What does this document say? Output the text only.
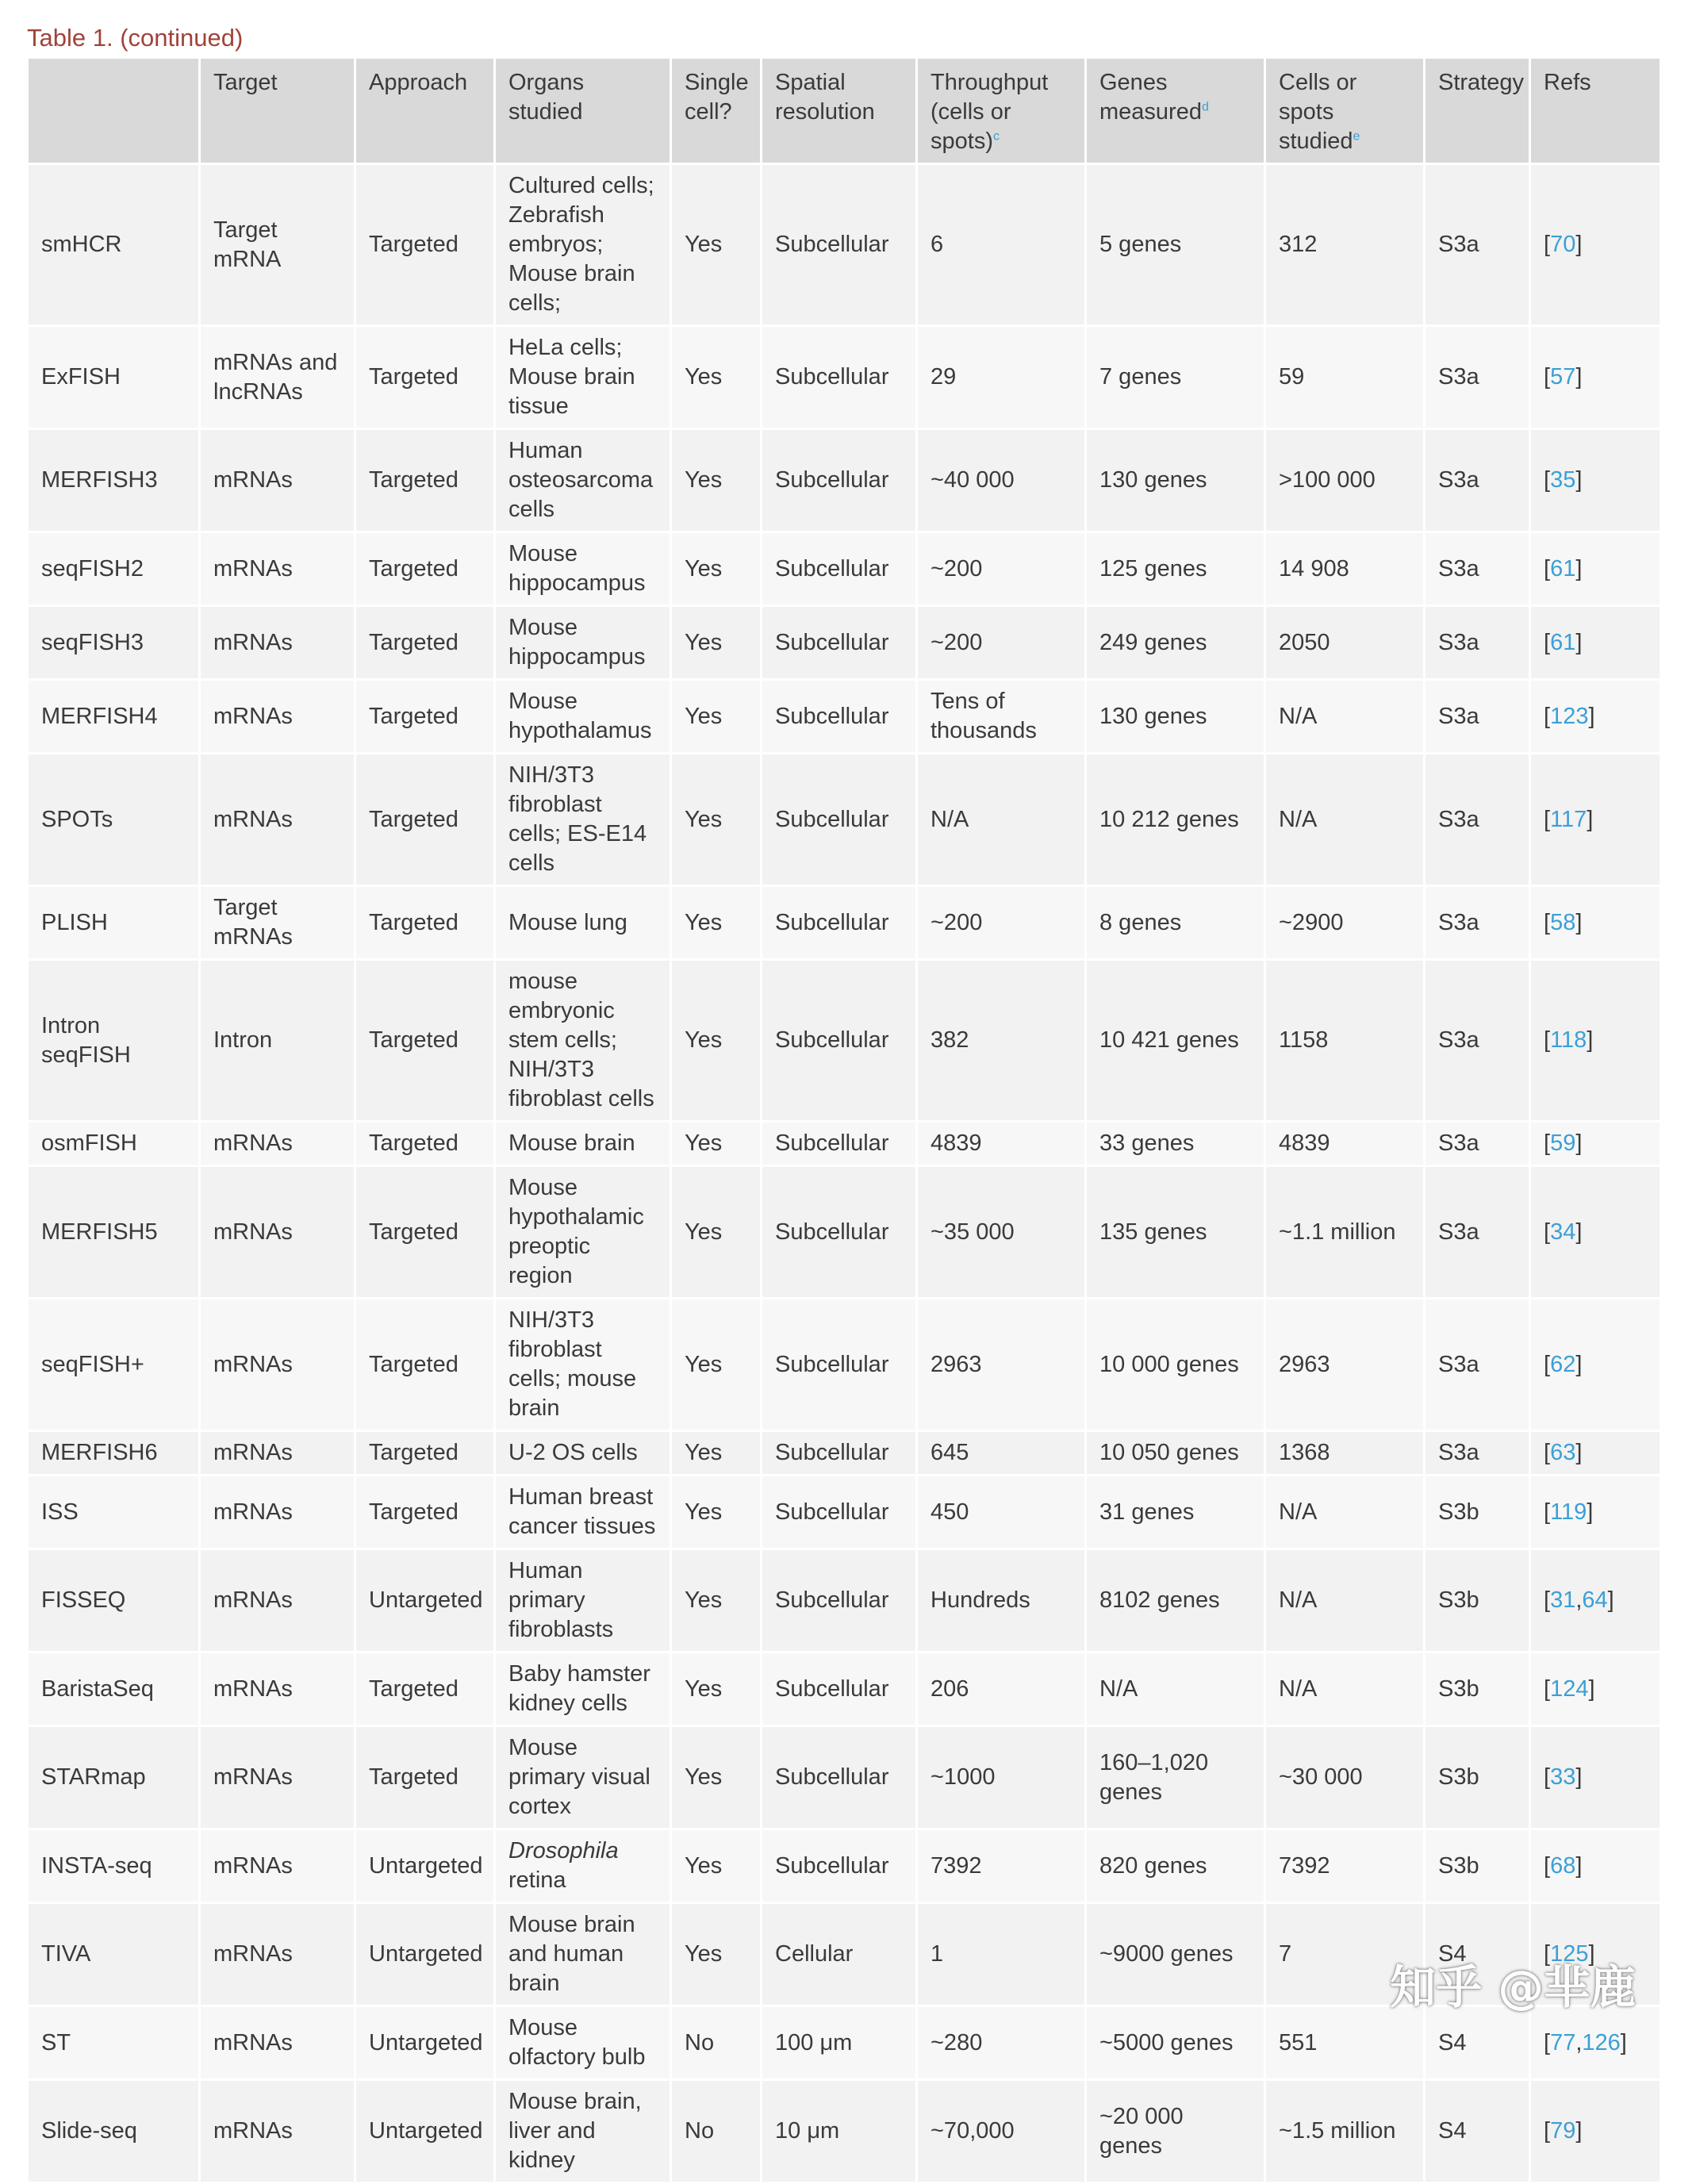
Table 1. (continued)
	Target	Approach	Organs studied	Single cell?	Spatial resolution	Throughput (cells or spots)$^c$	Genes measured$^d$	Cells or spots studied$^e$	Strategy	Refs
smHCR	Target mRNA	Targeted	Cultured cells; Zebrafish embryos; Mouse brain cells;	Yes	Subcellular	6	5 genes	312	S3a	[70]
ExFISH	mRNAs and lncRNAs	Targeted	HeLa cells; Mouse brain tissue	Yes	Subcellular	29	7 genes	59	S3a	[57]
MERFISH3	mRNAs	Targeted	Human osteosarcoma cells	Yes	Subcellular	~40 000	130 genes	>100 000	S3a	[35]
seqFISH2	mRNAs	Targeted	Mouse hippocampus	Yes	Subcellular	~200	125 genes	14 908	S3a	[61]
seqFISH3	mRNAs	Targeted	Mouse hippocampus	Yes	Subcellular	~200	249 genes	2050	S3a	[61]
MERFISH4	mRNAs	Targeted	Mouse hypothalamus	Yes	Subcellular	Tens of thousands	130 genes	N/A	S3a	[123]
SPOTs	mRNAs	Targeted	NIH/3T3 fibroblast cells; ES-E14 cells	Yes	Subcellular	N/A	10 212 genes	N/A	S3a	[117]
PLISH	Target mRNAs	Targeted	Mouse lung	Yes	Subcellular	~200	8 genes	~2900	S3a	[58]
Intron seqFISH	Intron	Targeted	mouse embryonic stem cells; NIH/3T3 fibroblast cells	Yes	Subcellular	382	10 421 genes	1158	S3a	[118]
osmFISH	mRNAs	Targeted	Mouse brain	Yes	Subcellular	4839	33 genes	4839	S3a	[59]
MERFISH5	mRNAs	Targeted	Mouse hypothalamic preoptic region	Yes	Subcellular	~35 000	135 genes	~1.1 million	S3a	[34]
seqFISH+	mRNAs	Targeted	NIH/3T3 fibroblast cells; mouse brain	Yes	Subcellular	2963	10 000 genes	2963	S3a	[62]
MERFISH6	mRNAs	Targeted	U-2 OS cells	Yes	Subcellular	645	10 050 genes	1368	S3a	[63]
ISS	mRNAs	Targeted	Human breast cancer tissues	Yes	Subcellular	450	31 genes	N/A	S3b	[119]
FISSEQ	mRNAs	Untargeted	Human primary fibroblasts	Yes	Subcellular	Hundreds	8102 genes	N/A	S3b	[31,64]
BaristaSeq	mRNAs	Targeted	Baby hamster kidney cells	Yes	Subcellular	206	N/A	N/A	S3b	[124]
STARmap	mRNAs	Targeted	Mouse primary visual cortex	Yes	Subcellular	~1000	160–1,020 genes	~30 000	S3b	[33]
INSTA-seq	mRNAs	Untargeted	Drosophila retina	Yes	Subcellular	7392	820 genes	7392	S3b	[68]
TIVA	mRNAs	Untargeted	Mouse brain and human brain	Yes	Cellular	1	~9000 genes	7	S4	[125]
ST	mRNAs	Untargeted	Mouse olfactory bulb	No	100 μm	~280	~5000 genes	551	S4	[77,126]
Slide-seq	mRNAs	Untargeted	Mouse brain, liver and kidney	No	10 μm	~70,000	~20 000 genes	~1.5 million	S4	[79]
知乎 @芈鹿
